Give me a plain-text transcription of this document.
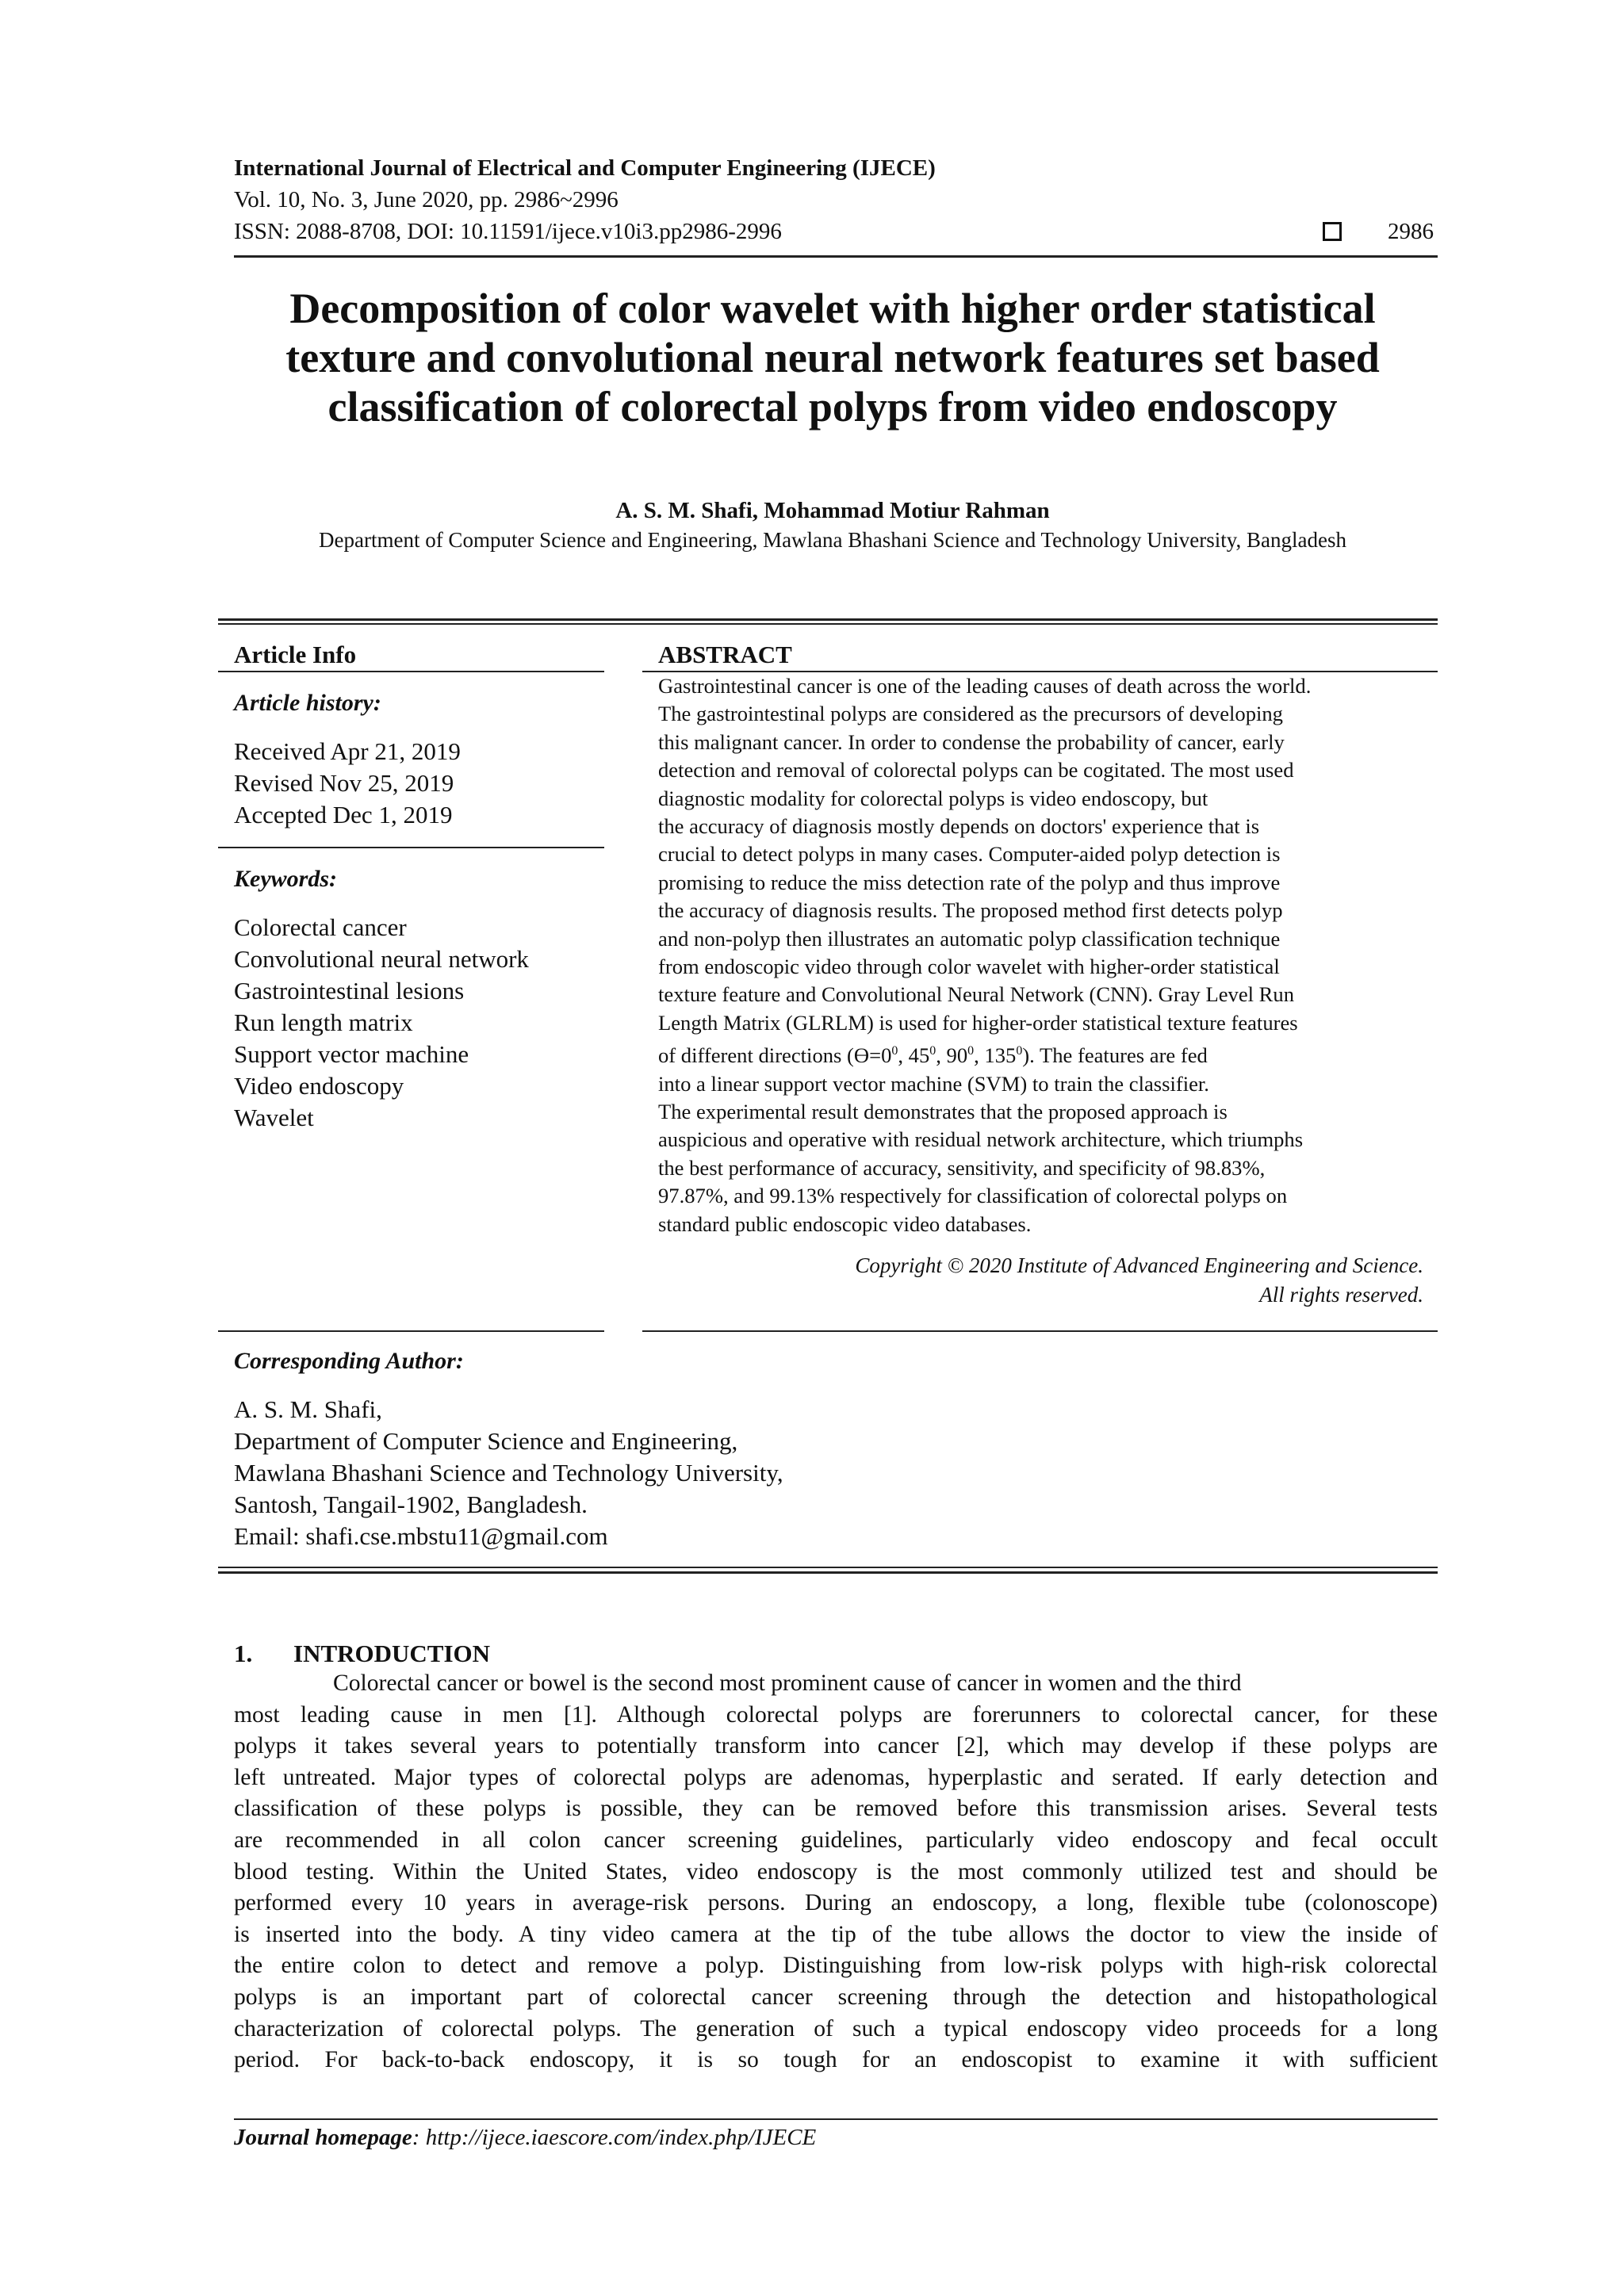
International Journal of Electrical and Computer Engineering (IJECE)
Vol. 10, No. 3, June 2020, pp. 2986~2996
ISSN: 2088-8708, DOI: 10.11591/ijece.v10i3.pp2986-2996	2986
Decomposition of color wavelet with higher order statistical
texture and convolutional neural network features set based
classification of colorectal polyps from video endoscopy
A. S. M. Shafi, Mohammad Motiur Rahman
Department of Computer Science and Engineering, Mawlana Bhashani Science and Technology University, Bangladesh
Article Info
Article history:
Received Apr 21, 2019
Revised Nov 25, 2019
Accepted Dec 1, 2019
Keywords:
Colorectal cancer
Convolutional neural network
Gastrointestinal lesions
Run length matrix
Support vector machine
Video endoscopy
Wavelet
ABSTRACT
Gastrointestinal cancer is one of the leading causes of death across the world.
The gastrointestinal polyps are considered as the precursors of developing
this malignant cancer. In order to condense the probability of cancer, early
detection and removal of colorectal polyps can be cogitated. The most used
diagnostic modality for colorectal polyps is video endoscopy, but
the accuracy of diagnosis mostly depends on doctors' experience that is
crucial to detect polyps in many cases. Computer-aided polyp detection is
promising to reduce the miss detection rate of the polyp and thus improve
the accuracy of diagnosis results. The proposed method first detects polyp
and non-polyp then illustrates an automatic polyp classification technique
from endoscopic video through color wavelet with higher-order statistical
texture feature and Convolutional Neural Network (CNN). Gray Level Run
Length Matrix (GLRLM) is used for higher-order statistical texture features
of different directions ($Ɵ=0^0$, $45^0$, $90^0$, $135^0$). The features are fed
into a linear support vector machine (SVM) to train the classifier.
The experimental result demonstrates that the proposed approach is
auspicious and operative with residual network architecture, which triumphs
the best performance of accuracy, sensitivity, and specificity of 98.83%,
97.87%, and 99.13% respectively for classification of colorectal polyps on
standard public endoscopic video databases.
Copyright © 2020 Institute of Advanced Engineering and Science.
All rights reserved.
Corresponding Author:
A. S. M. Shafi,
Department of Computer Science and Engineering,
Mawlana Bhashani Science and Technology University,
Santosh, Tangail-1902, Bangladesh.
Email: shafi.cse.mbstu11@gmail.com
1. INTRODUCTION
Colorectal cancer or bowel is the second most prominent cause of cancer in women and the third
most leading cause in men [1]. Although colorectal polyps are forerunners to colorectal cancer, for these
polyps it takes several years to potentially transform into cancer [2], which may develop if these polyps are
left untreated. Major types of colorectal polyps are adenomas, hyperplastic and serated. If early detection and
classification of these polyps is possible, they can be removed before this transmission arises. Several tests
are recommended in all colon cancer screening guidelines, particularly video endoscopy and fecal occult
blood testing. Within the United States, video endoscopy is the most commonly utilized test and should be
performed every 10 years in average-risk persons. During an endoscopy, a long, flexible tube (colonoscope)
is inserted into the body. A tiny video camera at the tip of the tube allows the doctor to view the inside of
the entire colon to detect and remove a polyp. Distinguishing from low-risk polyps with high-risk colorectal
polyps is an important part of colorectal cancer screening through the detection and histopathological
characterization of colorectal polyps. The generation of such a typical endoscopy video proceeds for a long
period. For back-to-back endoscopy, it is so tough for an endoscopist to examine it with sufficient
Journal homepage: http://ijece.iaescore.com/index.php/IJECE
